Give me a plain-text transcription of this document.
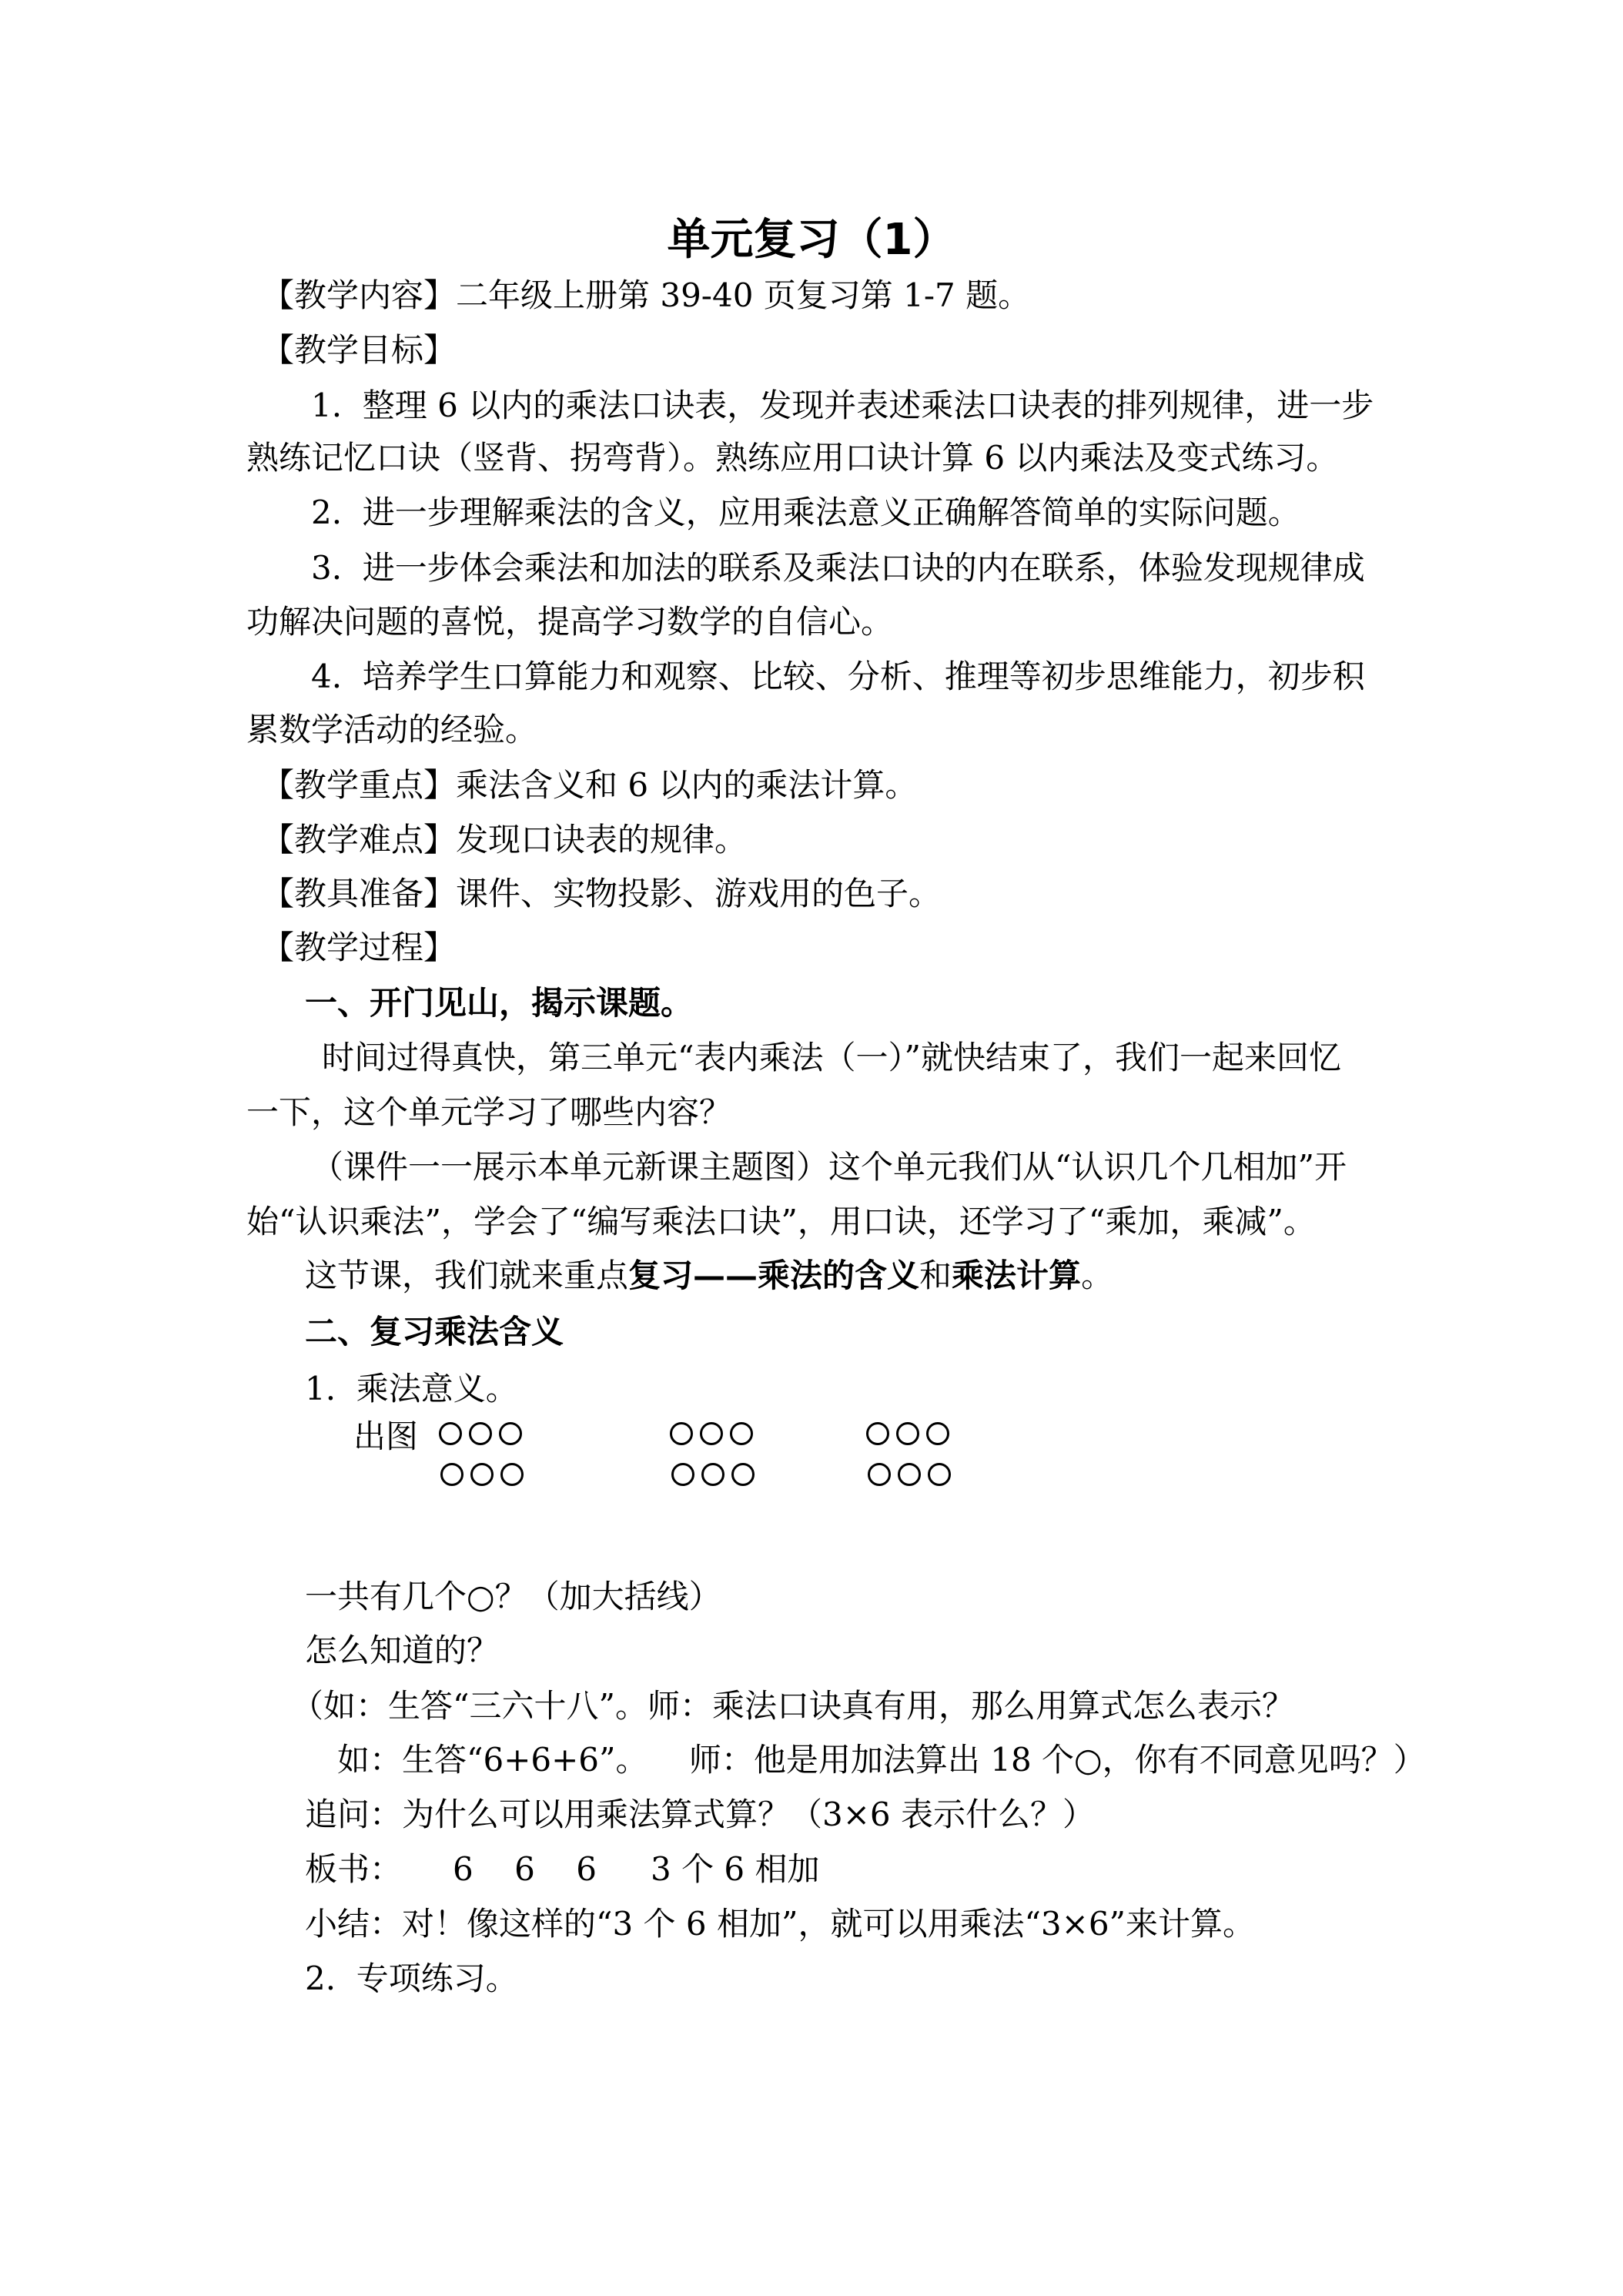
单元复习（1）
【教学内容】二年级上册第 39-40 页复习第 1-7 题。
【教学目标】
1.  整理 6 以内的乘法口诀表，发现并表述乘法口诀表的排列规律，进一步
熟练记忆口诀（竖背、拐弯背）。熟练应用口诀计算 6 以内乘法及变式练习。
2.  进一步理解乘法的含义，应用乘法意义正确解答简单的实际问题。
3.  进一步体会乘法和加法的联系及乘法口诀的内在联系，体验发现规律成
功解决问题的喜悦，提高学习数学的自信心。
4.  培养学生口算能力和观察、比较、分析、推理等初步思维能力，初步积
累数学活动的经验。
【教学重点】乘法含义和 6 以内的乘法计算。
【教学难点】发现口诀表的规律。
【教具准备】课件、实物投影、游戏用的色子。
【教学过程】
一、开门见山，揭示课题。
时间过得真快，第三单元“表内乘法（一）”就快结束了，我们一起来回忆
一下，这个单元学习了哪些内容？
（课件一一展示本单元新课主题图）这个单元我们从“认识几个几相加”开
始“认识乘法”，学会了“编写乘法口诀”，用口诀，还学习了“乘加，乘减”。
这节课，我们就来重点复习——乘法的含义和乘法计算。
二、复习乘法含义
1.  乘法意义。
出图
一共有几个○？（加大括线）
怎么知道的？
（如：生答“三六十八”。师：乘法口诀真有用，那么用算式怎么表示？
如：生答“6+6+6”。    师：他是用加法算出 18 个○，你有不同意见吗？）
追问：为什么可以用乘法算式算？（3×6 表示什么？）
板书： 6    6    6 3 个 6 相加
小结：对！像这样的“3 个 6 相加”，就可以用乘法“3×6”来计算。
2.  专项练习。
